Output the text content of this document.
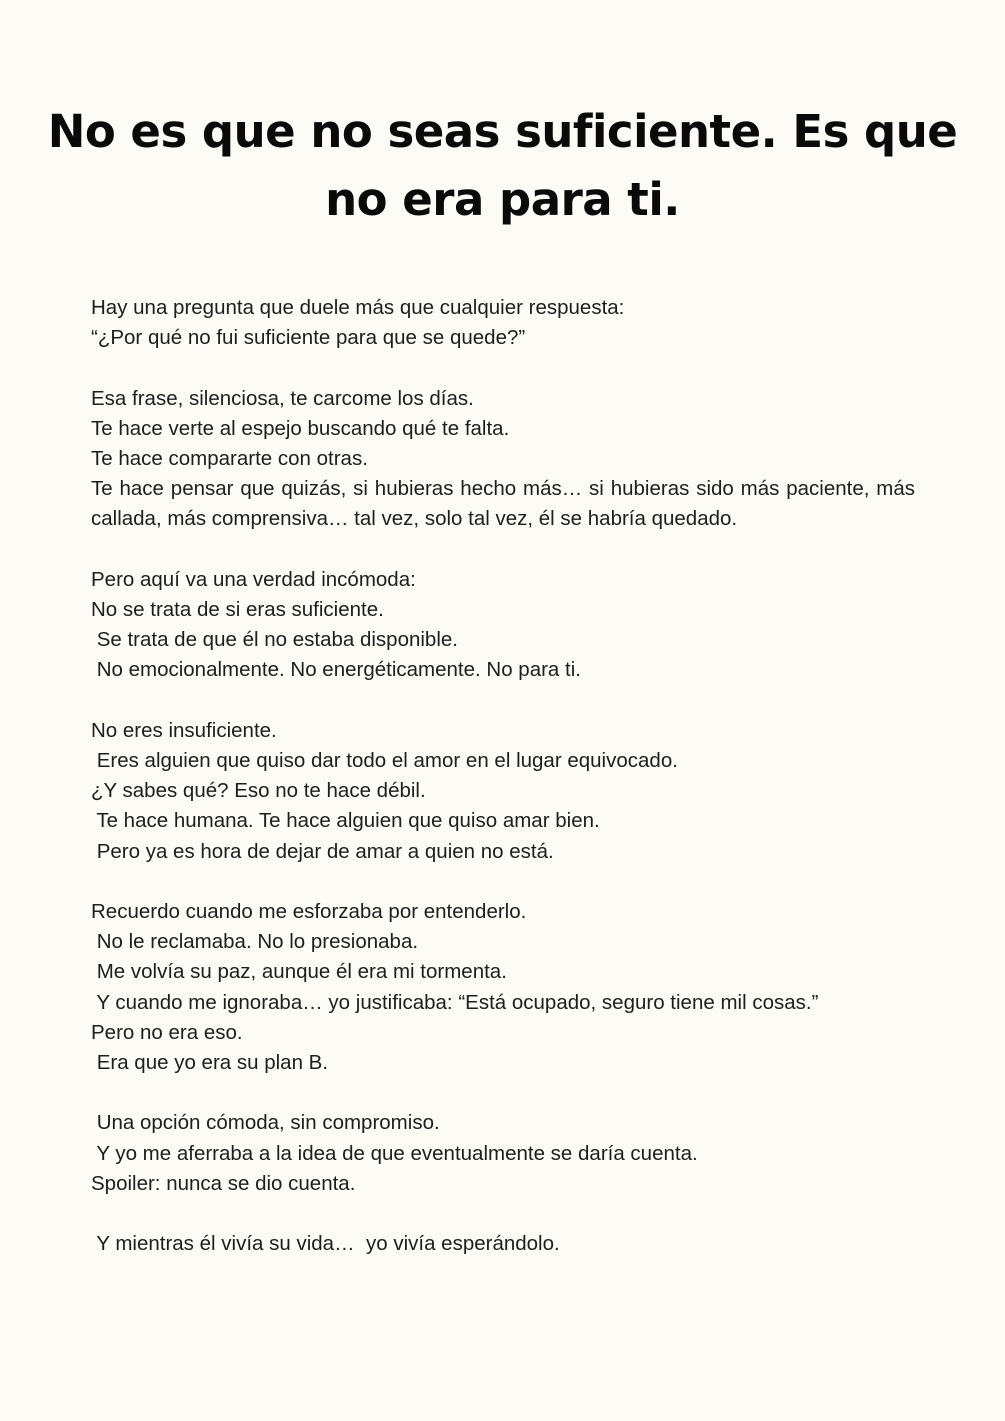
No es que no seas suficiente. Es que no era para ti.

Hay una pregunta que duele más que cualquier respuesta:
“¿Por qué no fui suficiente para que se quede?”

Esa frase, silenciosa, te carcome los días.
Te hace verte al espejo buscando qué te falta.
Te hace compararte con otras.
Te hace pensar que quizás, si hubieras hecho más… si hubieras sido más paciente, más callada, más comprensiva… tal vez, solo tal vez, él se habría quedado.

Pero aquí va una verdad incómoda:
No se trata de si eras suficiente.
Se trata de que él no estaba disponible.
No emocionalmente. No energéticamente. No para ti.

No eres insuficiente.
Eres alguien que quiso dar todo el amor en el lugar equivocado.
¿Y sabes qué? Eso no te hace débil.
Te hace humana. Te hace alguien que quiso amar bien.
Pero ya es hora de dejar de amar a quien no está.

Recuerdo cuando me esforzaba por entenderlo.
No le reclamaba. No lo presionaba.
Me volvía su paz, aunque él era mi tormenta.
Y cuando me ignoraba… yo justificaba: “Está ocupado, seguro tiene mil cosas.”
Pero no era eso.
Era que yo era su plan B.

Una opción cómoda, sin compromiso.
Y yo me aferraba a la idea de que eventualmente se daría cuenta.
Spoiler: nunca se dio cuenta.

Y mientras él vivía su vida…  yo vivía esperándolo.
